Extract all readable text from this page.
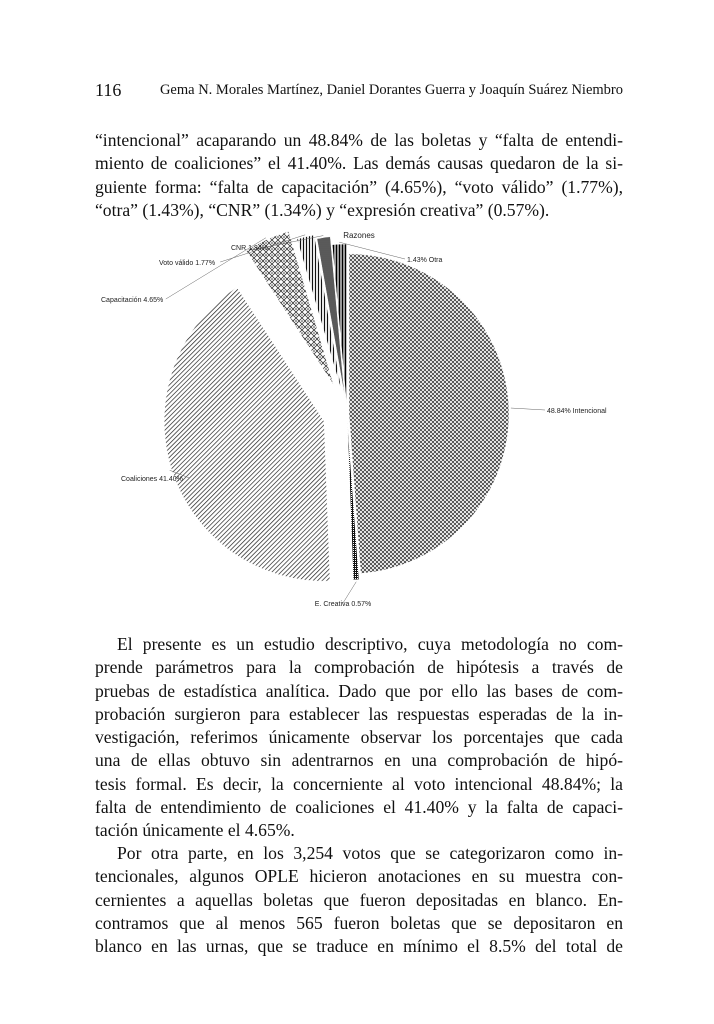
116	Gema N. Morales Martínez, Daniel Dorantes Guerra y Joaquín Suárez Niembro
“intencional” acaparando un 48.84% de las boletas y “falta de entendi-
miento de coaliciones” el 41.40%. Las demás causas quedaron de la si-
guiente forma: “falta de capacitación” (4.65%), “voto válido” (1.77%),
“otra” (1.43%), “CNR” (1.34%) y “expresión creativa” (0.57%).
Razones
48.84% Intencional
E. Creativa 0.57%
Coaliciones 41.40%
Capacitación 4.65%
Voto válido 1.77%
CNR 1.34%
1.43% Otra
El presente es un estudio descriptivo, cuya metodología no com-
prende parámetros para la comprobación de hipótesis a través de
pruebas de estadística analítica. Dado que por ello las bases de com-
probación surgieron para establecer las respuestas esperadas de la in-
vestigación, referimos únicamente observar los porcentajes que cada
una de ellas obtuvo sin adentrarnos en una comprobación de hipó-
tesis formal. Es decir, la concerniente al voto intencional 48.84%; la
falta de entendimiento de coaliciones el 41.40% y la falta de capaci-
tación únicamente el 4.65%.
Por otra parte, en los 3,254 votos que se categorizaron como in-
tencionales, algunos OPLE hicieron anotaciones en su muestra con-
cernientes a aquellas boletas que fueron depositadas en blanco. En-
contramos que al menos 565 fueron boletas que se depositaron en
blanco en las urnas, que se traduce en mínimo el 8.5% del total de
